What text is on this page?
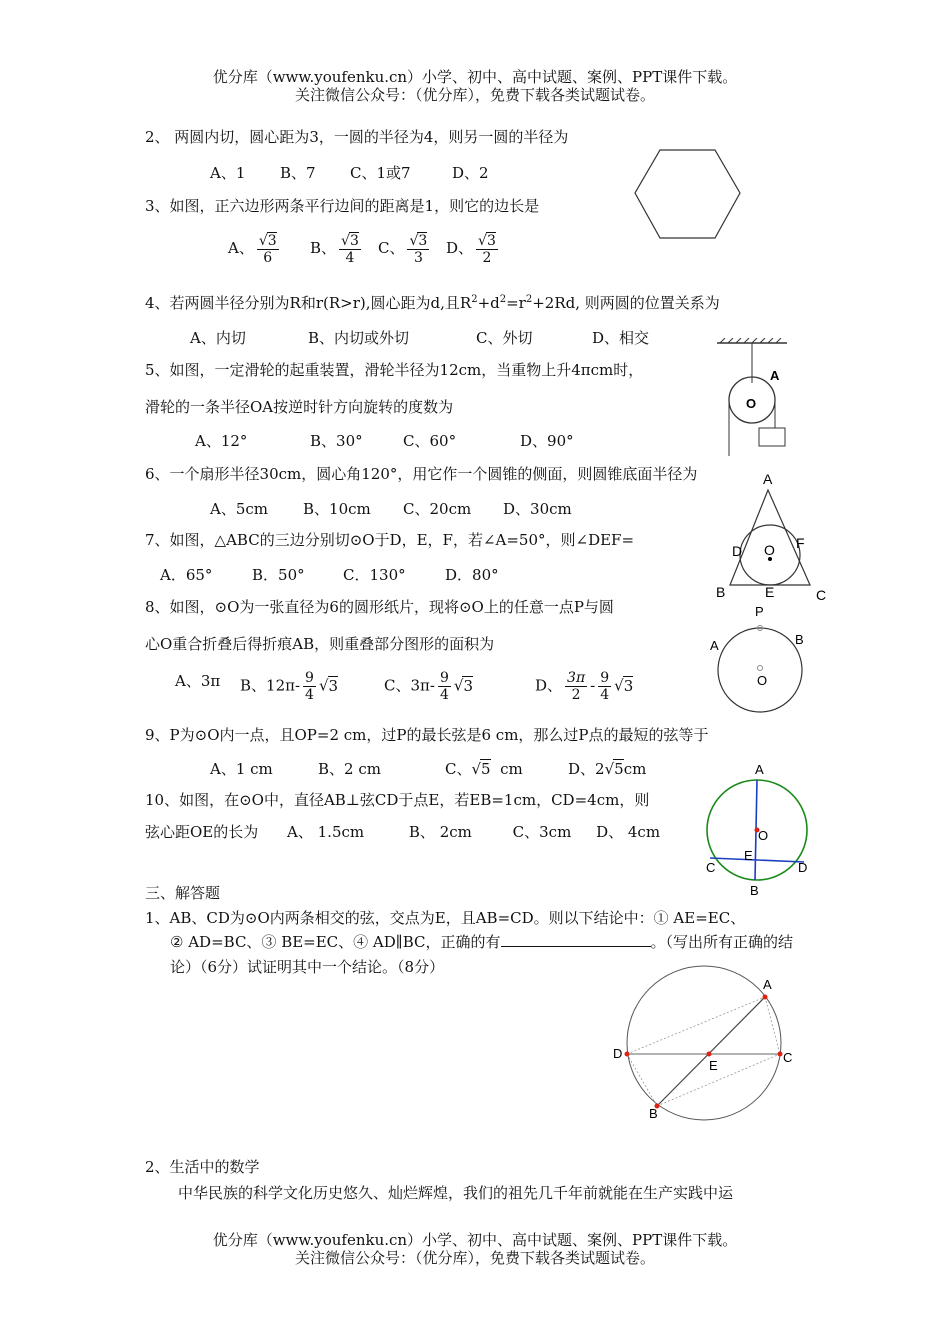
优分库（www.youfenku.cn）小学、初中、高中试题、案例、PPT课件下载。
关注微信公众号：（优分库），免费下载各类试题试卷。
2、 两圆内切，圆心距为3，一圆的半径为4，则另一圆的半径为
A、1 B、7 C、1或7	D、2
3、如图，正六边形两条平行边间的距离是1，则它的边长是
A、 $\frac{√3}{6}$ B、 $\frac{√3}{4}$ C、 $\frac{√3}{3}$ D、 $\frac{√3}{2}$
4、若两圆半径分别为R和r(R>r),圆心距为d,且$R^2+d^2=r^2+2Rd$, 则两圆的位置关系为
A、内切	B、内切或外切	C、外切	D、相交
O
A
5、如图，一定滑轮的起重装置，滑轮半径为12cm，当重物上升4πcm时，
滑轮的一条半径OA按逆时针方向旋转的度数为
A、12°	B、30°	C、60°	D、90°
6、一个扇形半径30cm，圆心角120°，用它作一个圆锥的侧面，则圆锥底面半径为
A、5cm B、10cm C、20cm D、30cm
A
B	C
D
E
F
O
7、如图，△ABC的三边分别切⊙O于D，E，F，若∠A=50°，则∠DEF=
A．65°	B．50°	C．130°	D．80°
8、如图，⊙O为一张直径为6的圆形纸片，现将⊙O上的任意一点P与圆
心O重合折叠后得折痕AB，则重叠部分图形的面积为
A、3π B、$12\pi- \frac{9}{4} √3$	C、$3\pi- \frac{9}{4} √3$	D、 $\frac{3\pi}{2} - \frac{9}{4} √3$
P
A	B
O
9、P为⊙O内一点，且OP=2 cm，过P的最长弦是6 cm，那么过P点的最短的弦等于
A、1 cm	B、2 cm	C、√5 cm	D、2√5cm
10、如图，在⊙O中，直径AB⊥弦CD于点E，若EB=1cm，CD=4cm，则
弦心距OE的长为 A、 1.5cm	B、 2cm	C、3cm D、 4cm
A
B
C	D
E
O
三、解答题
1、AB、CD为⊙O内两条相交的弦，交点为E，且AB=CD。则以下结论中：① AE=EC、
② AD=BC、③ BE=EC、④ AD∥BC，正确的有	。（写出所有正确的结
论）（6分）试证明其中一个结论。（8分）
A
B
C
D
E
2、生活中的数学
中华民族的科学文化历史悠久、灿烂辉煌，我们的祖先几千年前就能在生产实践中运
优分库（www.youfenku.cn）小学、初中、高中试题、案例、PPT课件下载。
关注微信公众号：（优分库），免费下载各类试题试卷。
